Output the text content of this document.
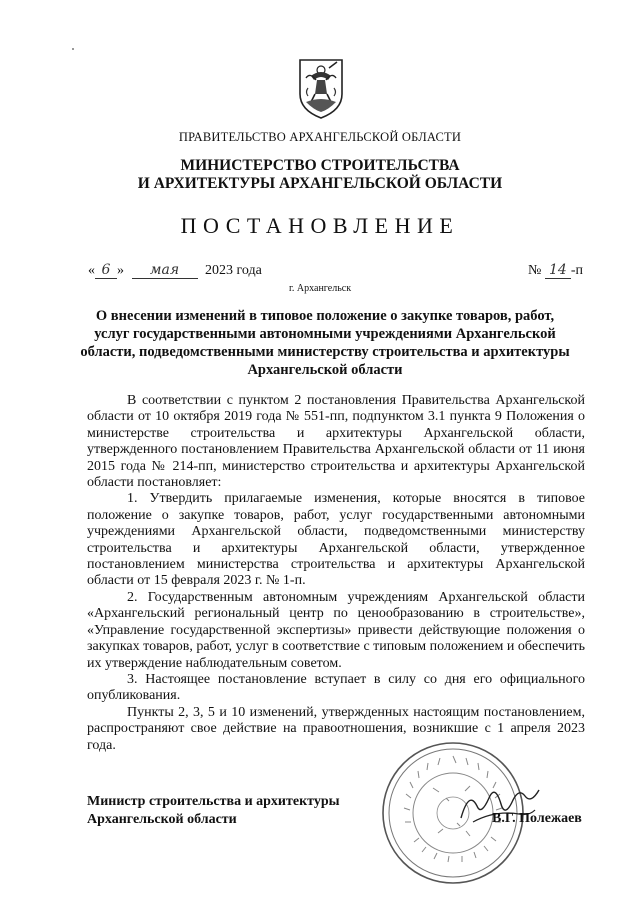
ПРАВИТЕЛЬСТВО АРХАНГЕЛЬСКОЙ ОБЛАСТИ
МИНИСТЕРСТВО СТРОИТЕЛЬСТВА
И АРХИТЕКТУРЫ АРХАНГЕЛЬСКОЙ ОБЛАСТИ
ПОСТАНОВЛЕНИЕ
« 6 » мая 2023 года	№ 14 -п
г. Архангельск
О внесении изменений в типовое положение о закупке товаров, работ, услуг государственными автономными учреждениями Архангельской области, подведомственными министерству строительства и архитектуры Архангельской области

В соответствии с пунктом 2 постановления Правительства Архангельской области от 10 октября 2019 года № 551-пп, подпунктом 3.1 пункта 9 Положения о министерстве строительства и архитектуры Архангельской области, утвержденного постановлением Правительства Архангельской области от 11 июня 2015 года № 214-пп, министерство строительства и архитектуры Архангельской области постановляет:

1. Утвердить прилагаемые изменения, которые вносятся в типовое положение о закупке товаров, работ, услуг государственными автономными учреждениями Архангельской области, подведомственными министерству строительства и архитектуры Архангельской области, утвержденное постановлением министерства строительства и архитектуры Архангельской области от 15 февраля 2023 г. № 1-п.

2. Государственным автономным учреждениям Архангельской области «Архангельский региональный центр по ценообразованию в строительстве», «Управление государственной экспертизы» привести действующие положения о закупках товаров, работ, услуг в соответствие с типовым положением и обеспечить их утверждение наблюдательным советом.

3. Настоящее постановление вступает в силу со дня его официального опубликования.

Пункты 2, 3, 5 и 10 изменений, утвержденных настоящим постановлением, распространяют свое действие на правоотношения, возникшие с 1 апреля 2023 года.

Министр строительства и архитектуры
Архангельской области	В.Г. Полежаев
